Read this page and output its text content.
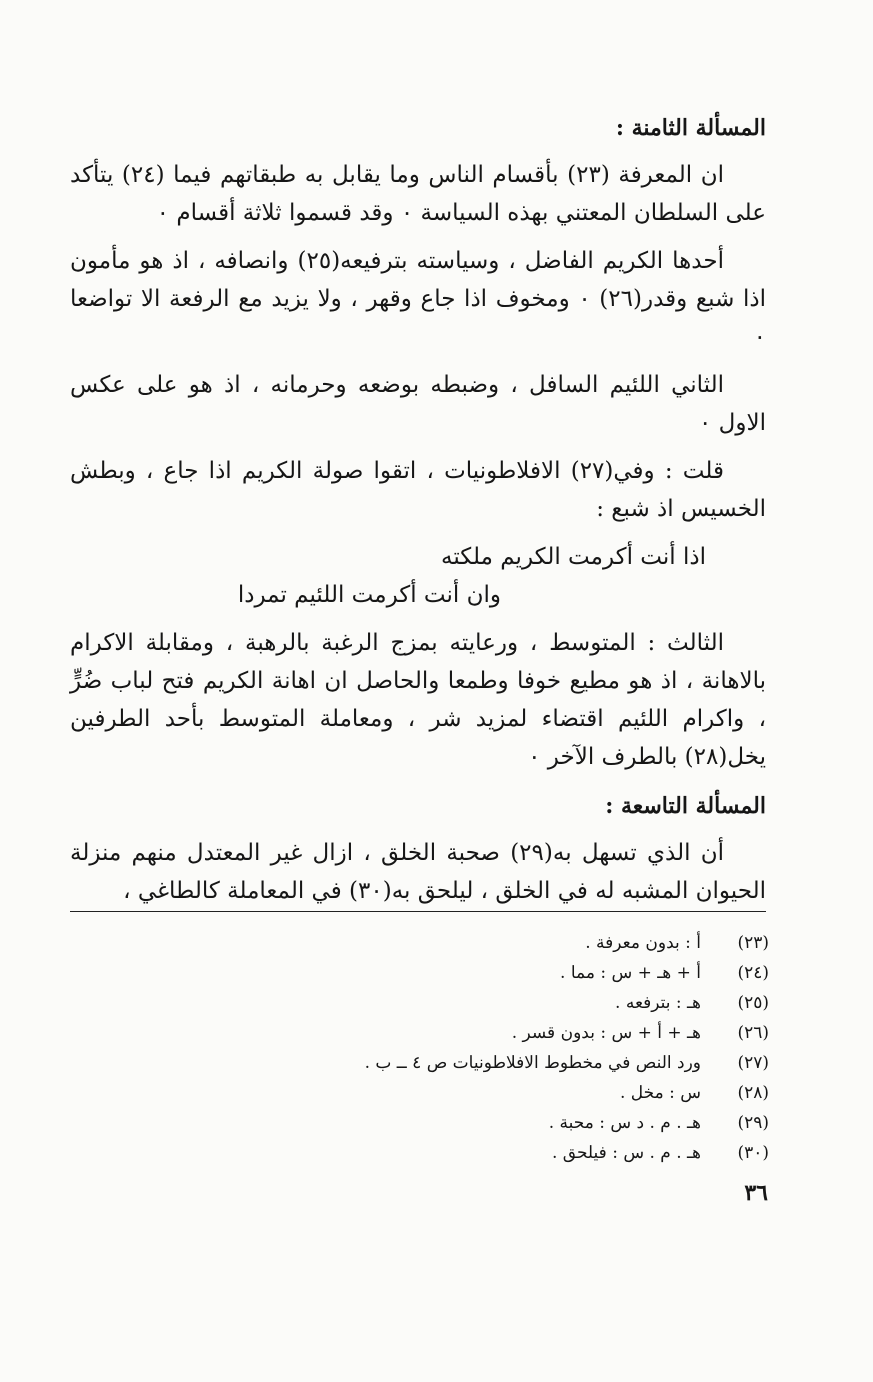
المسألة الثامنة :

ان المعرفة (٢٣) بأقسام الناس وما يقابل به طبقاتهم فيما (٢٤) يتأكد على السلطان المعتني بهذه السياسة ٠ وقد قسموا ثلاثة أقسام ٠

أحدها الكريم الفاضل ، وسياسته بترفيعه(٢٥) وانصافه ، اذ هو مأمون اذا شبع وقدر(٢٦) ٠ ومخوف اذا جاع وقهر ، ولا يزيد مع الرفعة الا تواضعا ٠

الثاني اللئيم السافل ، وضبطه بوضعه وحرمانه ، اذ هو على عكس الاول ٠

قلت : وفي(٢٧) الافلاطونيات ، اتقوا صولة الكريم اذا جاع ، وبطش الخسيس اذ شبع :

اذا أنت أكرمت الكريم ملكته
وان أنت أكرمت اللئيم تمردا

الثالث : المتوسط ، ورعايته بمزج الرغبة بالرهبة ، ومقابلة الاكرام بالاهانة ، اذ هو مطيع خوفا وطمعا والحاصل ان اهانة الكريم فتح لباب ضُرٍّ ، واكرام اللئيم اقتضاء لمزيد شر ، ومعاملة المتوسط بأحد الطرفين يخل(٢٨) بالطرف الآخر ٠

المسألة التاسعة :

أن الذي تسهل به(٢٩) صحبة الخلق ، ازال غير المعتدل منهم منزلة الحيوان المشبه له في الخلق ، ليلحق به(٣٠) في المعاملة كالطاغي ،

(٢٣)
أ : بدون معرفة .
(٢٤)
أ + هـ + س : مما .
(٢٥)
هـ : بترفعه .
(٢٦)
هـ + أ + س : بدون قسر .
(٢٧)
ورد النص في مخطوط الافلاطونيات ص ٤ ــ ب .
(٢٨)
س : مخل .
(٢٩)
هـ . م . د س : محبة .
(٣٠)
هـ . م . س : فيلحق .
٣٦
